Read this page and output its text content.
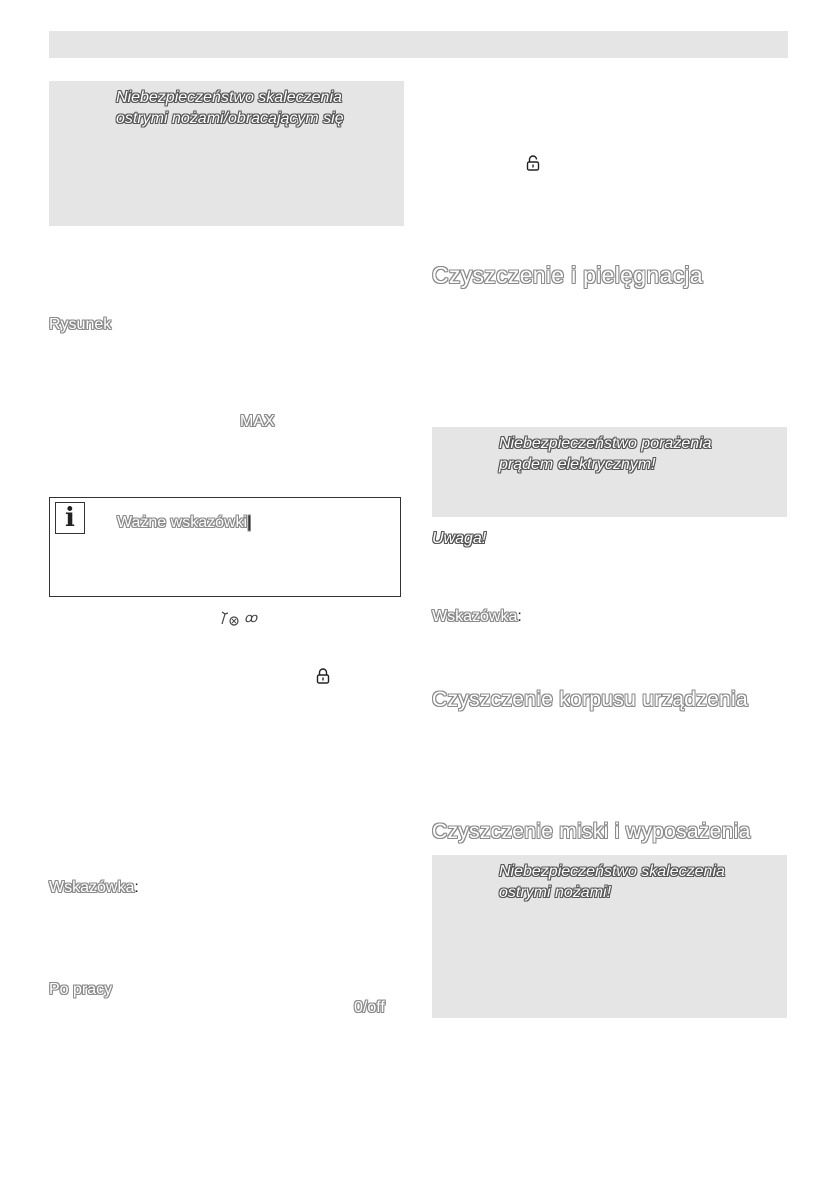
Niebezpieczeństwo skaleczenia
ostrymi nożami/obracającym się
Rysunek
MAX
i	Ważne wskazówki|
ꝏ
Wskazówka:
Po pracy
0/off
Czyszczenie i pielęgnacja
Niebezpieczeństwo porażenia
prądem elektrycznym!
Uwaga!
Wskazówka:
Czyszczenie korpusu urządzenia
Czyszczenie miski i wyposażenia
Niebezpieczeństwo skaleczenia
ostrymi nożami!
